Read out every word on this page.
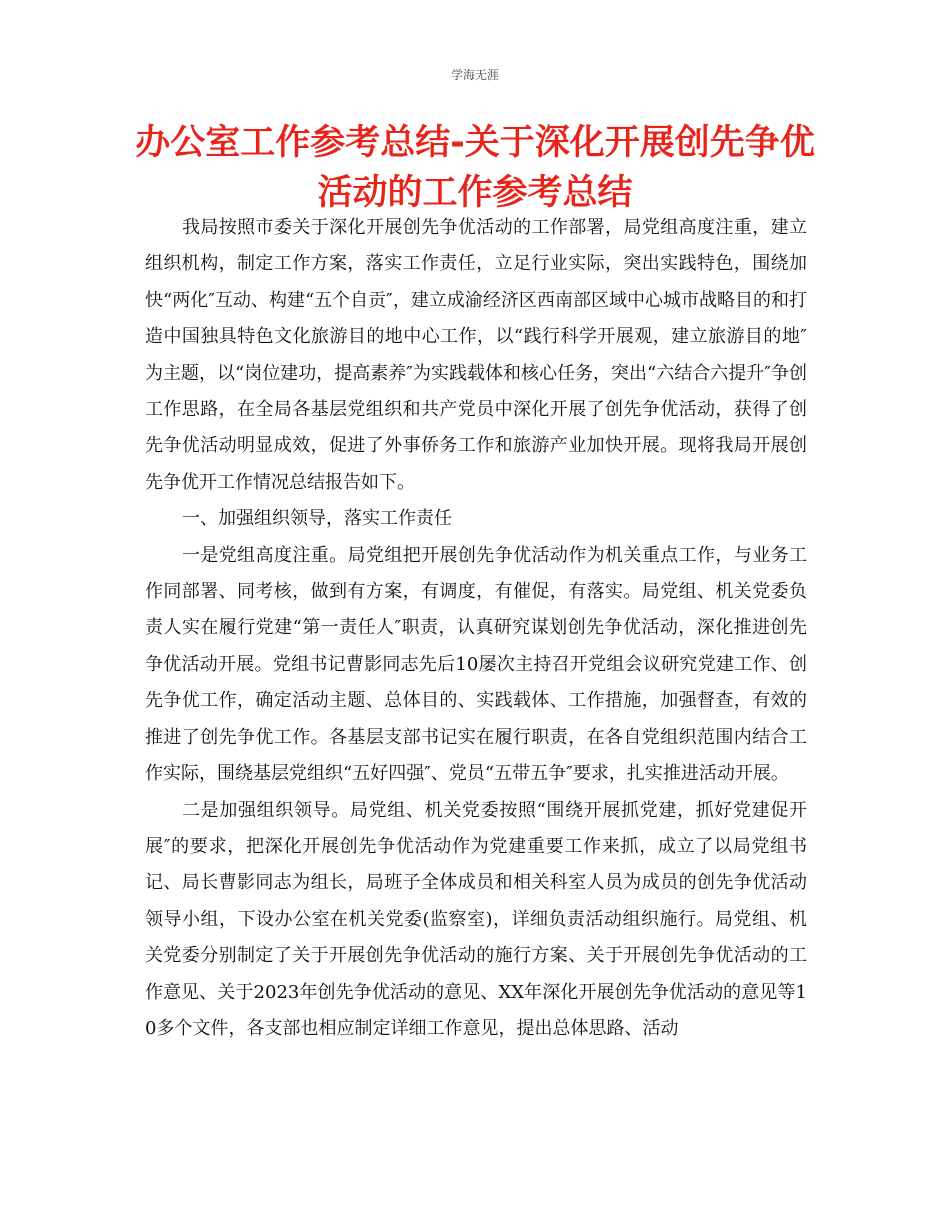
学海无涯
办公室工作参考总结-关于深化开展创先争优活动的工作参考总结

我局按照市委关于深化开展创先争优活动的工作部署，局党组高度注重，建立组织机构，制定工作方案，落实工作责任，立足行业实际，突出实践特色，围绕加快“两化″互动、构建“五个自贡″，建立成渝经济区西南部区域中心城市战略目的和打造中国独具特色文化旅游目的地中心工作，以“践行科学开展观，建立旅游目的地″为主题，以“岗位建功，提高素养″为实践载体和核心任务，突出“六结合六提升″争创工作思路，在全局各基层党组织和共产党员中深化开展了创先争优活动，获得了创先争优活动明显成效，促进了外事侨务工作和旅游产业加快开展。现将我局开展创先争优开工作情况总结报告如下。

一、加强组织领导，落实工作责任

一是党组高度注重。局党组把开展创先争优活动作为机关重点工作，与业务工作同部署、同考核，做到有方案，有调度，有催促，有落实。局党组、机关党委负责人实在履行党建“第一责任人″职责，认真研究谋划创先争优活动，深化推进创先争优活动开展。党组书记曹影同志先后10屡次主持召开党组会议研究党建工作、创先争优工作，确定活动主题、总体目的、实践载体、工作措施，加强督查，有效的推进了创先争优工作。各基层支部书记实在履行职责，在各自党组织范围内结合工作实际，围绕基层党组织“五好四强″、党员“五带五争″要求，扎实推进活动开展。

二是加强组织领导。局党组、机关党委按照“围绕开展抓党建，抓好党建促开展″的要求，把深化开展创先争优活动作为党建重要工作来抓，成立了以局党组书记、局长曹影同志为组长，局班子全体成员和相关科室人员为成员的创先争优活动领导小组，下设办公室在机关党委(监察室)，详细负责活动组织施行。局党组、机关党委分别制定了关于开展创先争优活动的施行方案、关于开展创先争优活动的工作意见、关于2023年创先争优活动的意见、XX年深化开展创先争优活动的意见等10多个文件，各支部也相应制定详细工作意见，提出总体思路、活动
